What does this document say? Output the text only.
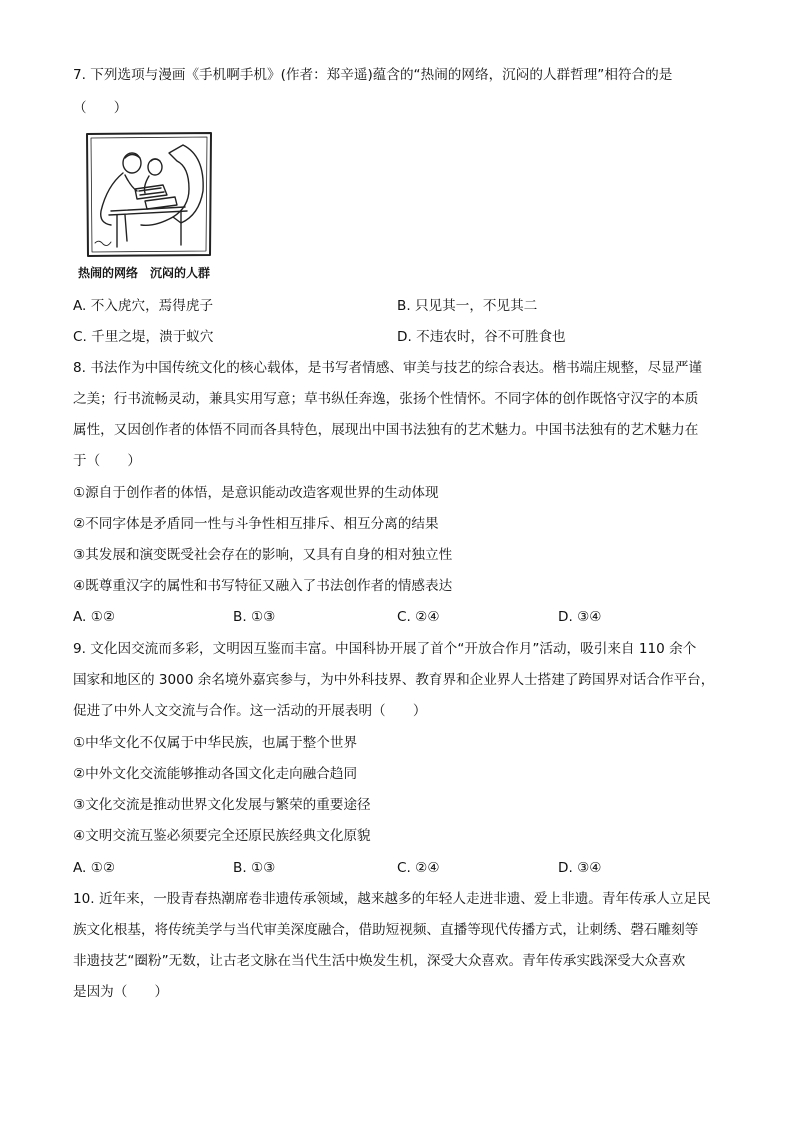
7. 下列选项与漫画《手机啊手机》(作者：郑辛遥)蕴含的“热闹的网络，沉闷的人群哲理”相符合的是
（　　）
热闹的网络　沉闷的人群
A. 不入虎穴，焉得虎子	B. 只见其一，不见其二
C. 千里之堤，溃于蚁穴	D. 不违农时，谷不可胜食也
8. 书法作为中国传统文化的核心载体，是书写者情感、审美与技艺的综合表达。楷书端庄规整，尽显严谨
之美；行书流畅灵动，兼具实用写意；草书纵任奔逸，张扬个性情怀。不同字体的创作既恪守汉字的本质
属性，又因创作者的体悟不同而各具特色，展现出中国书法独有的艺术魅力。中国书法独有的艺术魅力在
于（　　）
①源自于创作者的体悟，是意识能动改造客观世界的生动体现
②不同字体是矛盾同一性与斗争性相互排斥、相互分离的结果
③其发展和演变既受社会存在的影响，又具有自身的相对独立性
④既尊重汉字的属性和书写特征又融入了书法创作者的情感表达
A. ①②	B. ①③	C. ②④	D. ③④
9. 文化因交流而多彩，文明因互鉴而丰富。中国科协开展了首个“开放合作月”活动，吸引来自 110 余个
国家和地区的 3000 余名境外嘉宾参与，为中外科技界、教育界和企业界人士搭建了跨国界对话合作平台，
促进了中外人文交流与合作。这一活动的开展表明（　　）
①中华文化不仅属于中华民族，也属于整个世界
②中外文化交流能够推动各国文化走向融合趋同
③文化交流是推动世界文化发展与繁荣的重要途径
④文明交流互鉴必须要完全还原民族经典文化原貌
A. ①②	B. ①③	C. ②④	D. ③④
10. 近年来，一股青春热潮席卷非遗传承领域，越来越多的年轻人走进非遗、爱上非遗。青年传承人立足民
族文化根基，将传统美学与当代审美深度融合，借助短视频、直播等现代传播方式，让刺绣、磬石雕刻等
非遗技艺“圈粉”无数，让古老文脉在当代生活中焕发生机，深受大众喜欢。青年传承实践深受大众喜欢
是因为（　　）
